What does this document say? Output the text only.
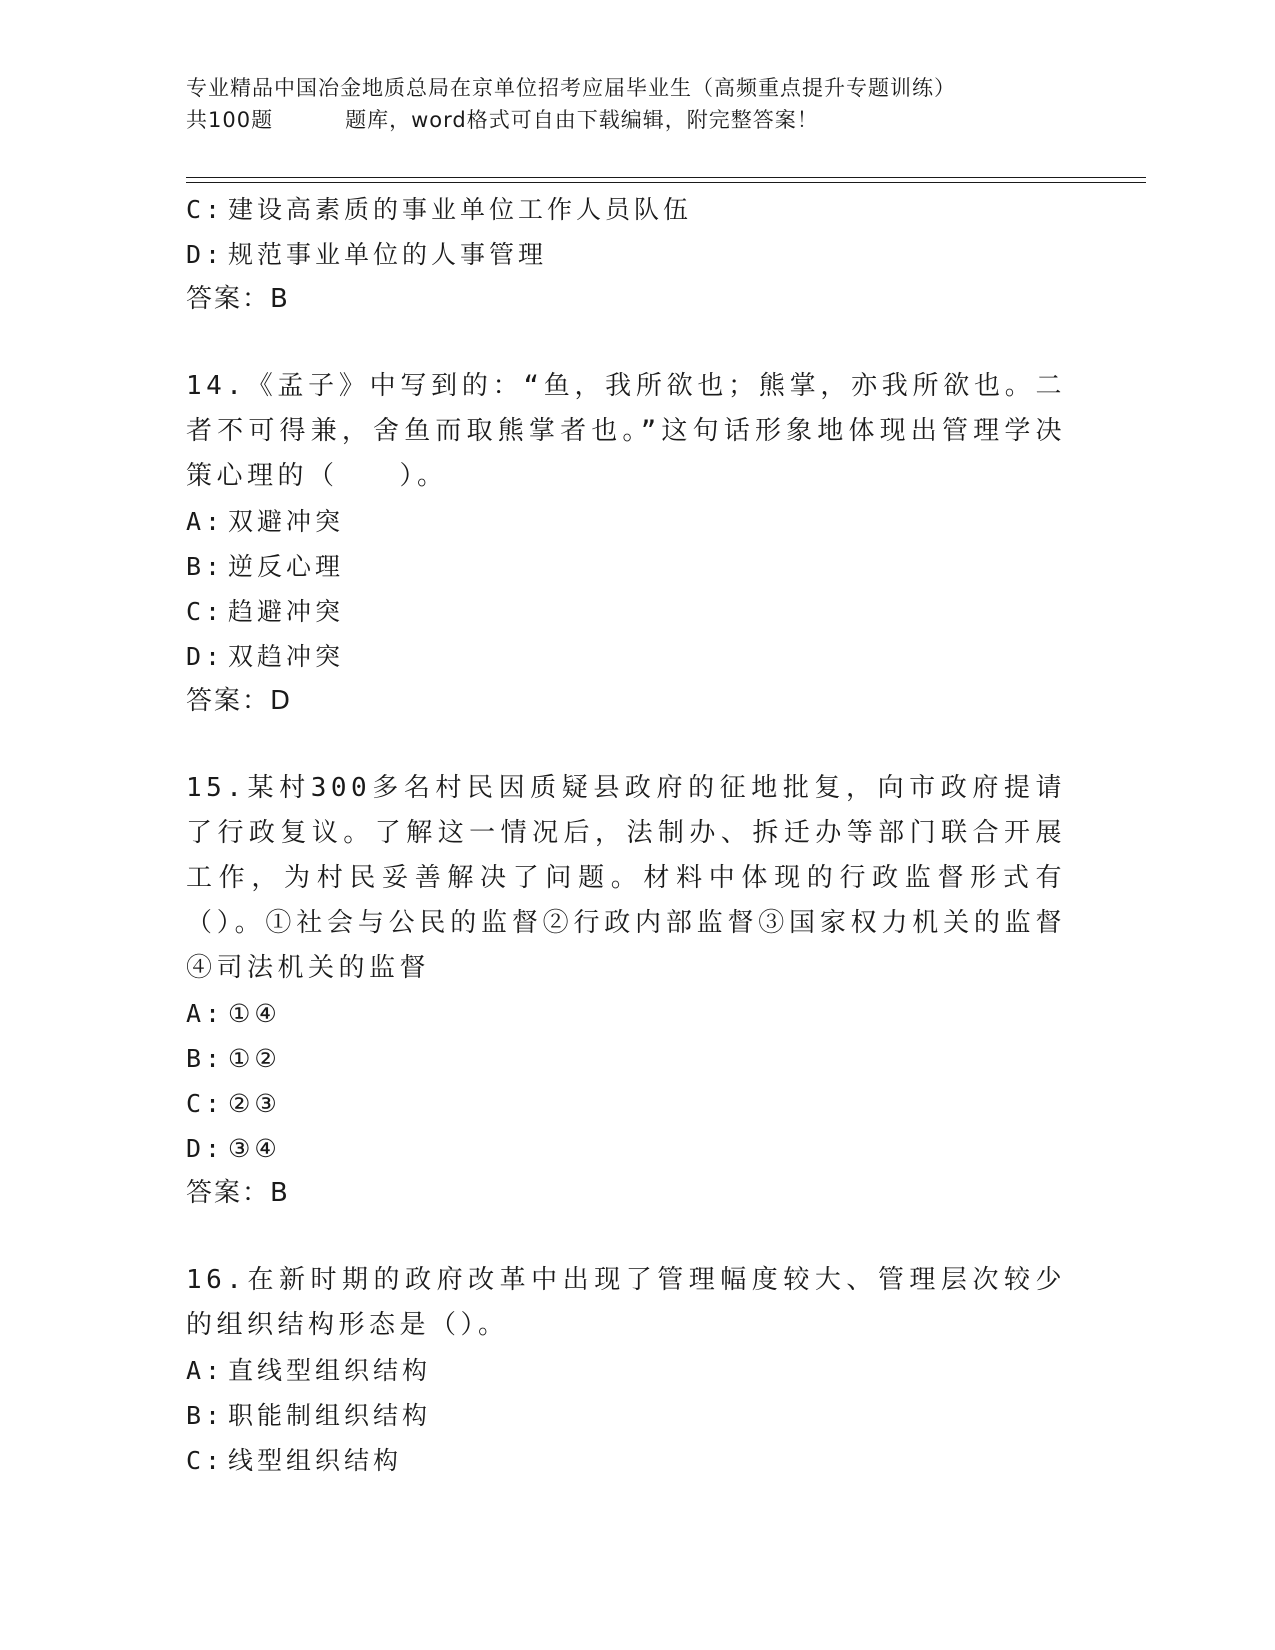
专业精品中国冶金地质总局在京单位招考应届毕业生（高频重点提升专题训练）
共100题	题库，word格式可自由下载编辑，附完整答案！
C: 建设高素质的事业单位工作人员队伍
D: 规范事业单位的人事管理
答案：B
14.《孟子》中写到的：“鱼，我所欲也；熊掌，亦我所欲也。二者不可得兼，舍鱼而取熊掌者也。”这句话形象地体现出管理学决策心理的（　　）。
A: 双避冲突
B: 逆反心理
C: 趋避冲突
D: 双趋冲突
答案：D
15.某村300多名村民因质疑县政府的征地批复，向市政府提请了行政复议。了解这一情况后，法制办、拆迁办等部门联合开展工作，为村民妥善解决了问题。材料中体现的行政监督形式有（）。①社会与公民的监督②行政内部监督③国家权力机关的监督④司法机关的监督
A: ①④
B: ①②
C: ②③
D: ③④
答案：B
16.在新时期的政府改革中出现了管理幅度较大、管理层次较少的组织结构形态是（）。
A: 直线型组织结构
B: 职能制组织结构
C: 线型组织结构
